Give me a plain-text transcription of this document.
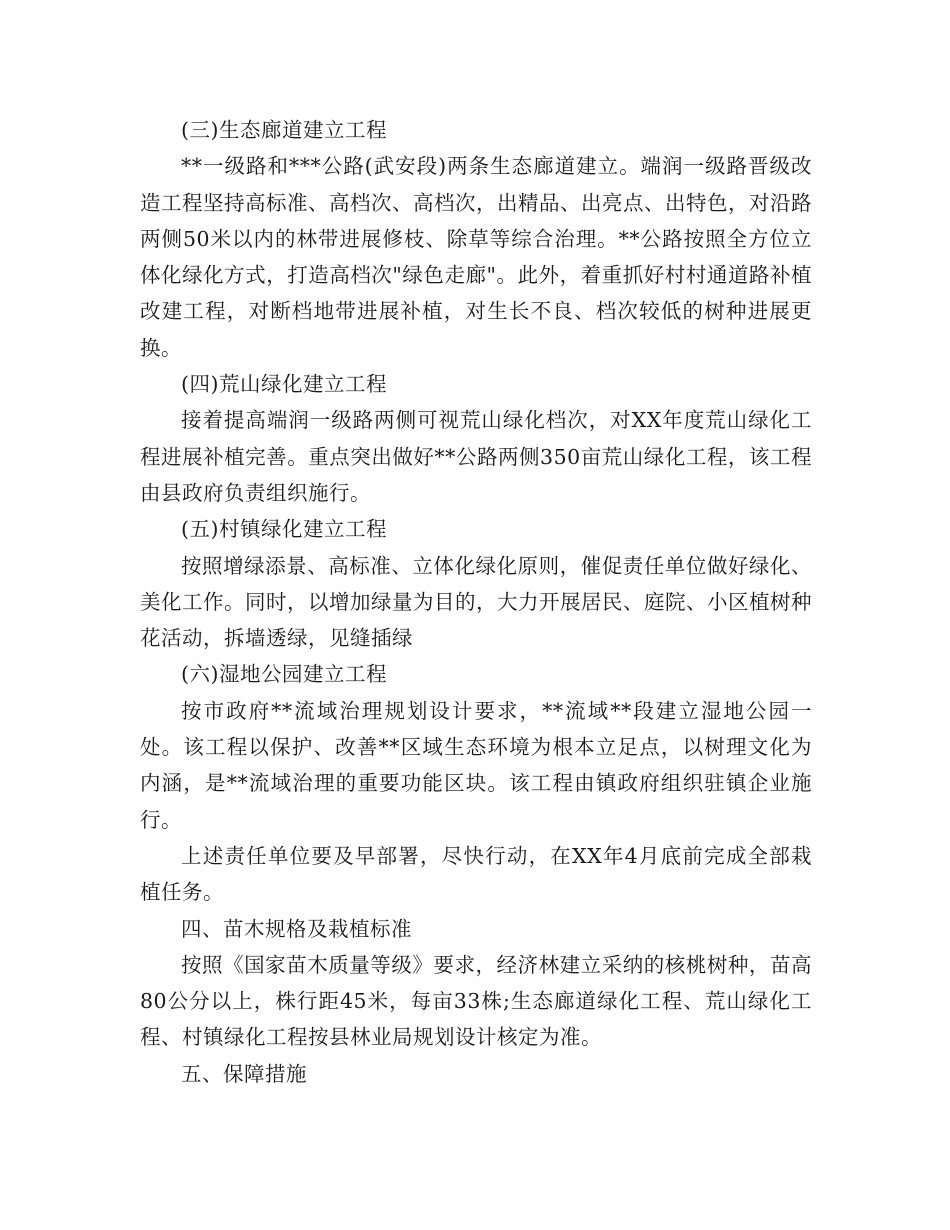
(三)生态廊道建立工程

**一级路和***公路(武安段)两条生态廊道建立。端润一级路晋级改造工程坚持高标准、高档次、高档次，出精品、出亮点、出特色，对沿路两侧50米以内的林带进展修枝、除草等综合治理。**公路按照全方位立体化绿化方式，打造高档次"绿色走廊"。此外，着重抓好村村通道路补植改建工程，对断档地带进展补植，对生长不良、档次较低的树种进展更换。

(四)荒山绿化建立工程

接着提高端润一级路两侧可视荒山绿化档次，对XX年度荒山绿化工程进展补植完善。重点突出做好**公路两侧350亩荒山绿化工程，该工程由县政府负责组织施行。

(五)村镇绿化建立工程

按照增绿添景、高标准、立体化绿化原则，催促责任单位做好绿化、美化工作。同时，以增加绿量为目的，大力开展居民、庭院、小区植树种花活动，拆墙透绿，见缝插绿

(六)湿地公园建立工程

按市政府**流域治理规划设计要求，**流域**段建立湿地公园一处。该工程以保护、改善**区域生态环境为根本立足点，以树理文化为内涵，是**流域治理的重要功能区块。该工程由镇政府组织驻镇企业施行。

上述责任单位要及早部署，尽快行动，在XX年4月底前完成全部栽植任务。

四、苗木规格及栽植标准

按照《国家苗木质量等级》要求，经济林建立采纳的核桃树种，苗高80公分以上，株行距45米，每亩33株;生态廊道绿化工程、荒山绿化工程、村镇绿化工程按县林业局规划设计核定为准。

五、保障措施
